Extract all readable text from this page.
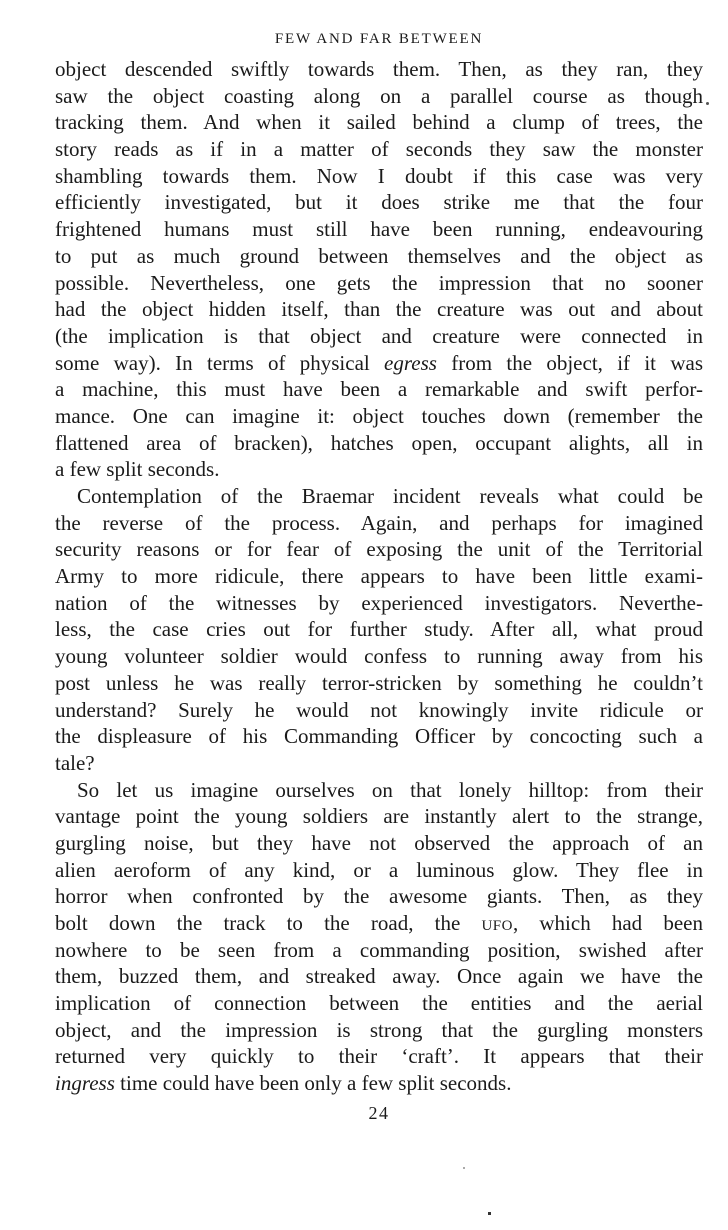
FEW AND FAR BETWEEN
object descended swiftly towards them. Then, as they ran, they
saw the object coasting along on a parallel course as though
tracking them. And when it sailed behind a clump of trees, the
story reads as if in a matter of seconds they saw the monster
shambling towards them. Now I doubt if this case was very
efficiently investigated, but it does strike me that the four
frightened humans must still have been running, endeavouring
to put as much ground between themselves and the object as
possible. Nevertheless, one gets the impression that no sooner
had the object hidden itself, than the creature was out and about
(the implication is that object and creature were connected in
some way). In terms of physical egress from the object, if it was
a machine, this must have been a remarkable and swift perfor-
mance. One can imagine it: object touches down (remember the
flattened area of bracken), hatches open, occupant alights, all in
a few split seconds.
Contemplation of the Braemar incident reveals what could be
the reverse of the process. Again, and perhaps for imagined
security reasons or for fear of exposing the unit of the Territorial
Army to more ridicule, there appears to have been little exami-
nation of the witnesses by experienced investigators. Neverthe-
less, the case cries out for further study. After all, what proud
young volunteer soldier would confess to running away from his
post unless he was really terror-stricken by something he couldn’t
understand? Surely he would not knowingly invite ridicule or
the displeasure of his Commanding Officer by concocting such a
tale?
So let us imagine ourselves on that lonely hilltop: from their
vantage point the young soldiers are instantly alert to the strange,
gurgling noise, but they have not observed the approach of an
alien aeroform of any kind, or a luminous glow. They flee in
horror when confronted by the awesome giants. Then, as they
bolt down the track to the road, the ufo, which had been
nowhere to be seen from a commanding position, swished after
them, buzzed them, and streaked away. Once again we have the
implication of connection between the entities and the aerial
object, and the impression is strong that the gurgling monsters
returned very quickly to their ‘craft’. It appears that their
ingress time could have been only a few split seconds.
24
